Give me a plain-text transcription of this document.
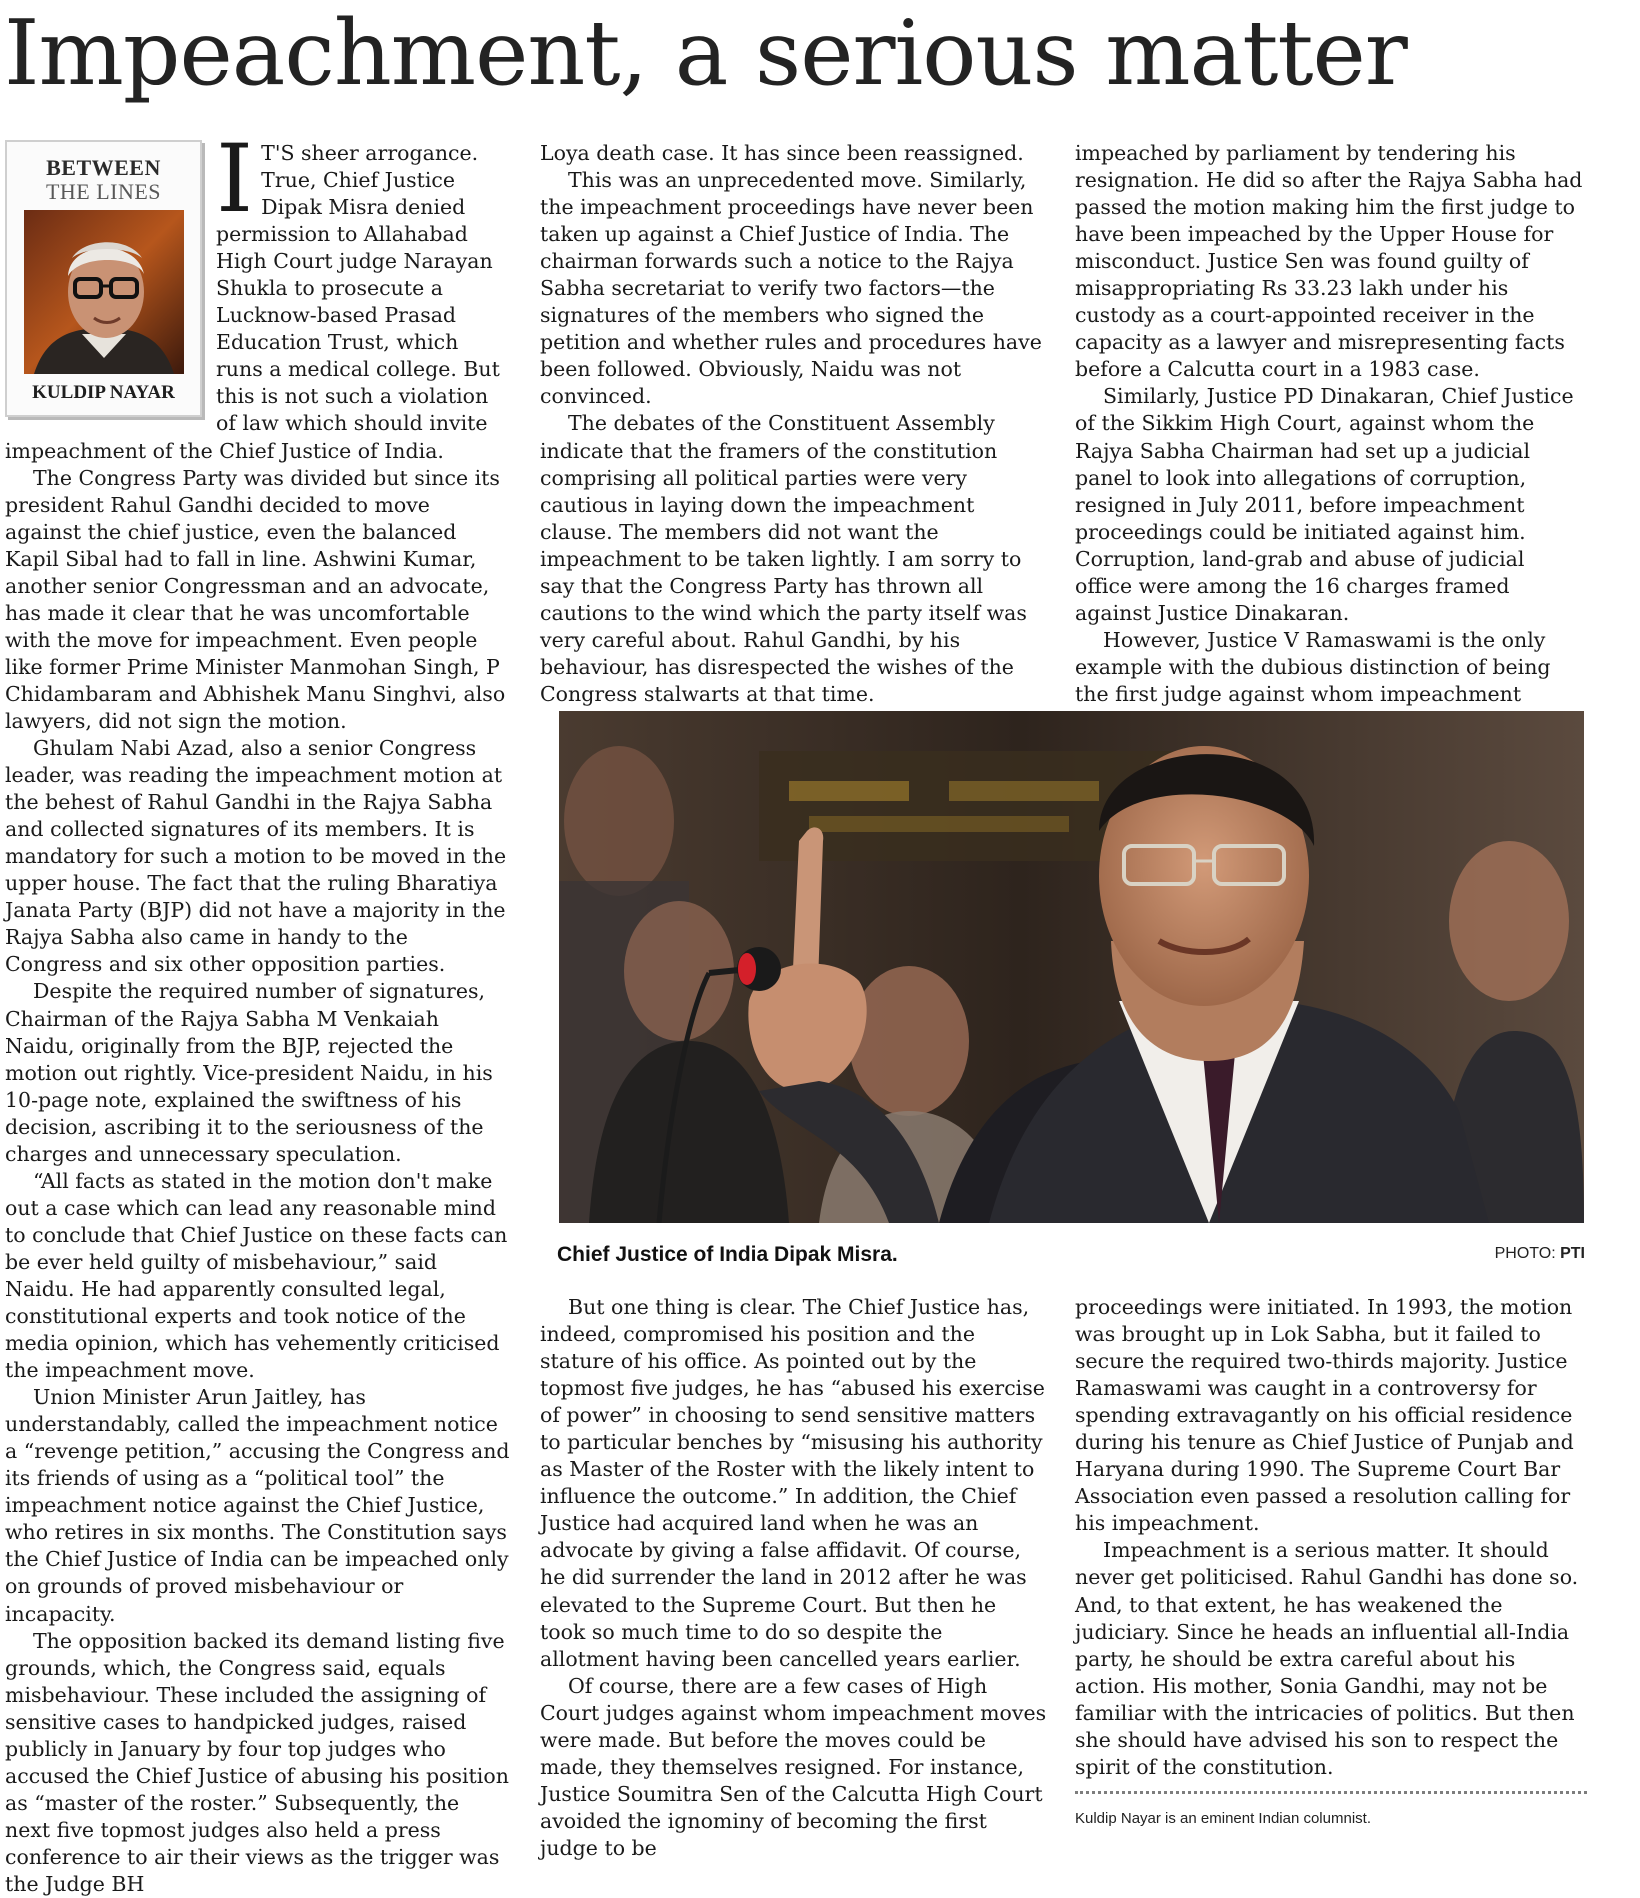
Impeachment, a serious matter
BETWEEN
THE LINES
KULDIP NAYAR
I T'S sheer arrogance. True, Chief Justice Dipak Misra denied permission to Allahabad High Court judge Narayan Shukla to prosecute a Lucknow-based Prasad Education Trust, which runs a medical college. But this is not such a violation of law which should invite impeachment of the Chief Justice of India.

The Congress Party was divided but since its president Rahul Gandhi decided to move against the chief justice, even the balanced Kapil Sibal had to fall in line. Ashwini Kumar, another senior Congressman and an advocate, has made it clear that he was uncomfortable with the move for impeachment. Even people like former Prime Minister Manmohan Singh, P Chidambaram and Abhishek Manu Singhvi, also lawyers, did not sign the motion.

Ghulam Nabi Azad, also a senior Congress leader, was reading the impeachment motion at the behest of Rahul Gandhi in the Rajya Sabha and collected signatures of its members. It is mandatory for such a motion to be moved in the upper house. The fact that the ruling Bharatiya Janata Party (BJP) did not have a majority in the Rajya Sabha also came in handy to the Congress and six other opposition parties.

Despite the required number of signatures, Chairman of the Rajya Sabha M Venkaiah Naidu, originally from the BJP, rejected the motion out rightly. Vice-president Naidu, in his 10-page note, explained the swiftness of his decision, ascribing it to the seriousness of the charges and unnecessary speculation.

“All facts as stated in the motion don't make out a case which can lead any reasonable mind to conclude that Chief Justice on these facts can be ever held guilty of misbehaviour,” said Naidu. He had apparently consulted legal, constitutional experts and took notice of the media opinion, which has vehemently criticised the impeachment move.

Union Minister Arun Jaitley, has understandably, called the impeachment notice a “revenge petition,” accusing the Congress and its friends of using as a “political tool” the impeachment notice against the Chief Justice, who retires in six months. The Constitution says the Chief Justice of India can be impeached only on grounds of proved misbehaviour or incapacity.

The opposition backed its demand listing five grounds, which, the Congress said, equals misbehaviour. These included the assigning of sensitive cases to handpicked judges, raised publicly in January by four top judges who accused the Chief Justice of abusing his position as “master of the roster.” Subsequently, the next five topmost judges also held a press conference to air their views as the trigger was the Judge BH

Loya death case. It has since been reassigned.

This was an unprecedented move. Similarly, the impeachment proceedings have never been taken up against a Chief Justice of India. The chairman forwards such a notice to the Rajya Sabha secretariat to verify two factors—the signatures of the members who signed the petition and whether rules and procedures have been followed. Obviously, Naidu was not convinced.

The debates of the Constituent Assembly indicate that the framers of the constitution comprising all political parties were very cautious in laying down the impeachment clause. The members did not want the impeachment to be taken lightly. I am sorry to say that the Congress Party has thrown all cautions to the wind which the party itself was very careful about. Rahul Gandhi, by his behaviour, has disrespected the wishes of the Congress stalwarts at that time.

impeached by parliament by tendering his resignation. He did so after the Rajya Sabha had passed the motion making him the first judge to have been impeached by the Upper House for misconduct. Justice Sen was found guilty of misappropriating Rs 33.23 lakh under his custody as a court-appointed receiver in the capacity as a lawyer and misrepresenting facts before a Calcutta court in a 1983 case.

Similarly, Justice PD Dinakaran, Chief Justice of the Sikkim High Court, against whom the Rajya Sabha Chairman had set up a judicial panel to look into allegations of corruption, resigned in July 2011, before impeachment proceedings could be initiated against him. Corruption, land-grab and abuse of judicial office were among the 16 charges framed against Justice Dinakaran.

However, Justice V Ramaswami is the only example with the dubious distinction of being the first judge against whom impeachment

Chief Justice of India Dipak Misra.	PHOTO: PTI

But one thing is clear. The Chief Justice has, indeed, compromised his position and the stature of his office. As pointed out by the topmost five judges, he has “abused his exercise of power” in choosing to send sensitive matters to particular benches by “misusing his authority as Master of the Roster with the likely intent to influence the outcome.” In addition, the Chief Justice had acquired land when he was an advocate by giving a false affidavit. Of course, he did surrender the land in 2012 after he was elevated to the Supreme Court. But then he took so much time to do so despite the allotment having been cancelled years earlier.

Of course, there are a few cases of High Court judges against whom impeachment moves were made. But before the moves could be made, they themselves resigned. For instance, Justice Soumitra Sen of the Calcutta High Court avoided the ignominy of becoming the first judge to be

proceedings were initiated. In 1993, the motion was brought up in Lok Sabha, but it failed to secure the required two-thirds majority. Justice Ramaswami was caught in a controversy for spending extravagantly on his official residence during his tenure as Chief Justice of Punjab and Haryana during 1990. The Supreme Court Bar Association even passed a resolution calling for his impeachment.

Impeachment is a serious matter. It should never get politicised. Rahul Gandhi has done so. And, to that extent, he has weakened the judiciary. Since he heads an influential all-India party, he should be extra careful about his action. His mother, Sonia Gandhi, may not be familiar with the intricacies of politics. But then she should have advised his son to respect the spirit of the constitution.

Kuldip Nayar is an eminent Indian columnist.
